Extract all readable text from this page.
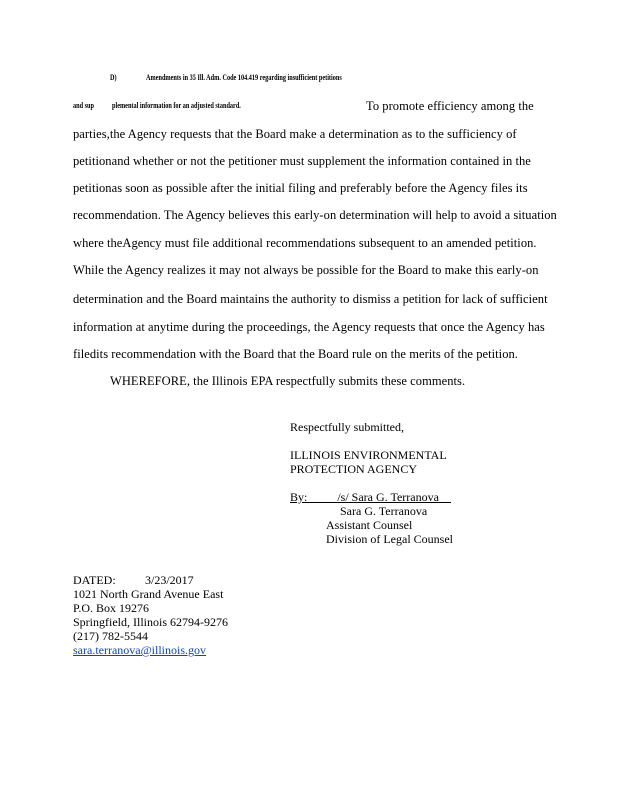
D)	Amendments in 35 Ill. Adm. Code 104.419 regarding insufficient petitions
and sup plemental information for an adjusted standard.	To promote efficiency among the
parties,the Agency requests that the Board make a determination as to the sufficiency of
petitionand whether or not the petitioner must supplement the information contained in the
petitionas soon as possible after the initial filing and preferably before the Agency files its
recommendation. The Agency believes this early-on determination will help to avoid a situation
where theAgency must file additional recommendations subsequent to an amended petition.
While the Agency realizes it may not always be possible for the Board to make this early-on
determination and the Board maintains the authority to dismiss a petition for lack of sufficient
information at anytime during the proceedings, the Agency requests that once the Agency has
filedits recommendation with the Board that the Board rule on the merits of the petition.
WHEREFORE, the Illinois EPA respectfully submits these comments.
Respectfully submitted,
ILLINOIS ENVIRONMENTAL
PROTECTION AGENCY
By:_____/s/ Sara G. Terranova__
Sara G. Terranova
Assistant Counsel
Division of Legal Counsel
DATED: 3/23/2017
1021 North Grand Avenue East
P.O. Box 19276
Springfield, Illinois 62794-9276
(217) 782-5544
sara.terranova@illinois.gov
